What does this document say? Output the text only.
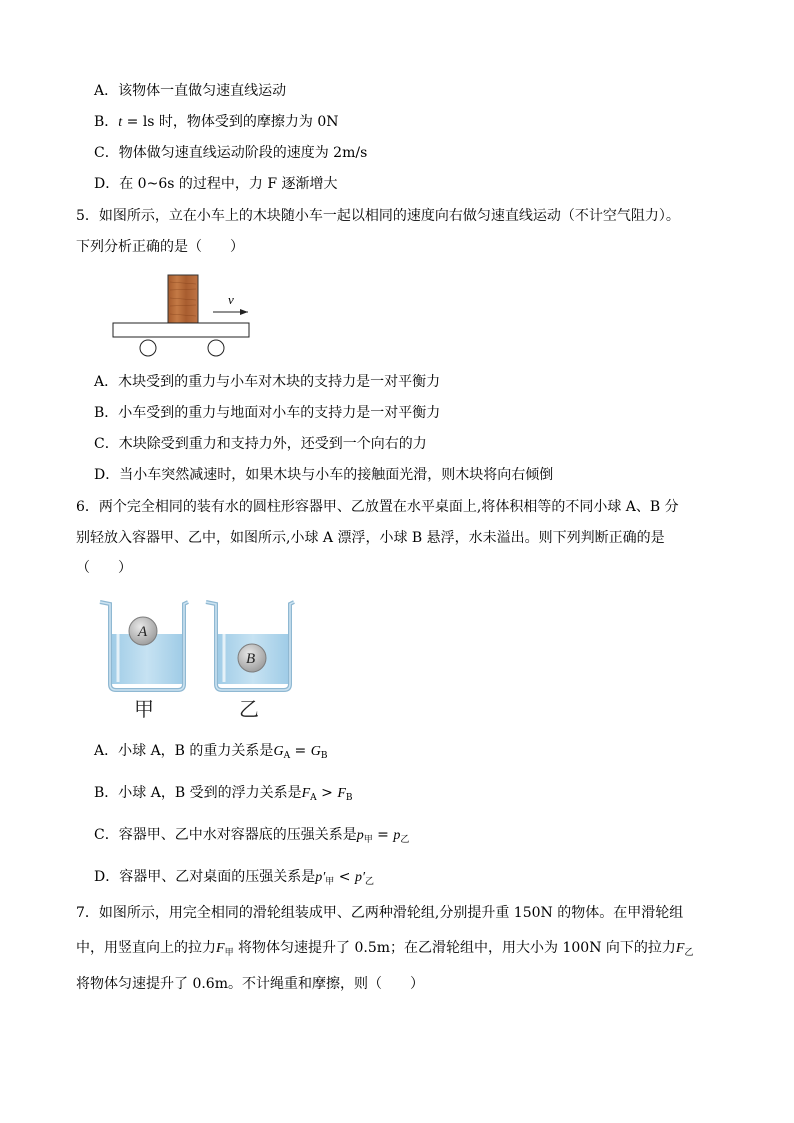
A．该物体一直做匀速直线运动
B．t = ls 时，物体受到的摩擦力为 0N
C．物体做匀速直线运动阶段的速度为 2m/s
D．在 0~6s 的过程中，力 F 逐渐增大
5．如图所示，立在小车上的木块随小车一起以相同的速度向右做匀速直线运动（不计空气阻力）。
下列分析正确的是（　　）
v
A．木块受到的重力与小车对木块的支持力是一对平衡力
B．小车受到的重力与地面对小车的支持力是一对平衡力
C．木块除受到重力和支持力外，还受到一个向右的力
D．当小车突然减速时，如果木块与小车的接触面光滑，则木块将向右倾倒
6．两个完全相同的装有水的圆柱形容器甲、乙放置在水平桌面上,将体积相等的不同小球 A、B 分
别轻放入容器甲、乙中，如图所示,小球 A 漂浮，小球 B 悬浮，水未溢出。则下列判断正确的是
（　　）
A
B
甲	乙
A．小球 A，B 的重力关系是$G_A = G_B$
B．小球 A，B 受到的浮力关系是$F_A > F_B$
C．容器甲、乙中水对容器底的压强关系是$p_甲 = p_乙$
D．容器甲、乙对桌面的压强关系是$p'_甲 < p'_乙$
7．如图所示，用完全相同的滑轮组装成甲、乙两种滑轮组,分别提升重 150N 的物体。在甲滑轮组
中，用竖直向上的拉力$F_甲$ 将物体匀速提升了 0.5m；在乙滑轮组中，用大小为 100N 向下的拉力$F_乙$
将物体匀速提升了 0.6m。不计绳重和摩擦，则（　　）
